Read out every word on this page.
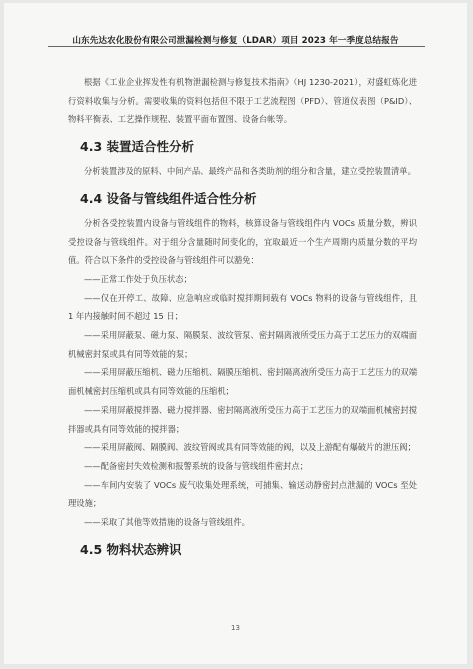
山东先达农化股份有限公司泄漏检测与修复（LDAR）项目 2023 年一季度总结报告

根据《工业企业挥发性有机物泄漏检测与修复技术指南》（HJ 1230-2021），对盛虹炼化进行资料收集与分析。需要收集的资料包括但不限于工艺流程图（PFD）、管道仪表图（P&ID）、物料平衡表、工艺操作规程、装置平面布置图、设备台帐等。

4.3 装置适合性分析

分析装置涉及的原料、中间产品、最终产品和各类助剂的组分和含量，建立受控装置清单。

4.4 设备与管线组件适合性分析

分析各受控装置内设备与管线组件的物料，核算设备与管线组件内 VOCs 质量分数，辨识受控设备与管线组件。对于组分含量随时间变化的，宜取最近一个生产周期内质量分数的平均值。符合以下条件的受控设备与管线组件可以豁免：

——正常工作处于负压状态；

——仅在开停工、故障、应急响应或临时搅拌期间载有 VOCs 物料的设备与管线组件，且 1 年内接触时间不超过 15 日；

——采用屏蔽泵、磁力泵、隔膜泵、波纹管泵、密封隔离液所受压力高于工艺压力的双端面机械密封泵或具有同等效能的泵；

——采用屏蔽压缩机、磁力压缩机、隔膜压缩机、密封隔离液所受压力高于工艺压力的双端面机械密封压缩机或具有同等效能的压缩机；

——采用屏蔽搅拌器、磁力搅拌器、密封隔离液所受压力高于工艺压力的双端面机械密封搅拌器或具有同等效能的搅拌器；

——采用屏蔽阀、隔膜阀、波纹管阀或具有同等效能的阀，以及上游配有爆破片的泄压阀；

——配备密封失效检测和报警系统的设备与管线组件密封点；

——车间内安装了 VOCs 废气收集处理系统，可捕集、输送动静密封点泄漏的 VOCs 至处理设施；

——采取了其他等效措施的设备与管线组件。

4.5 物料状态辨识
13
